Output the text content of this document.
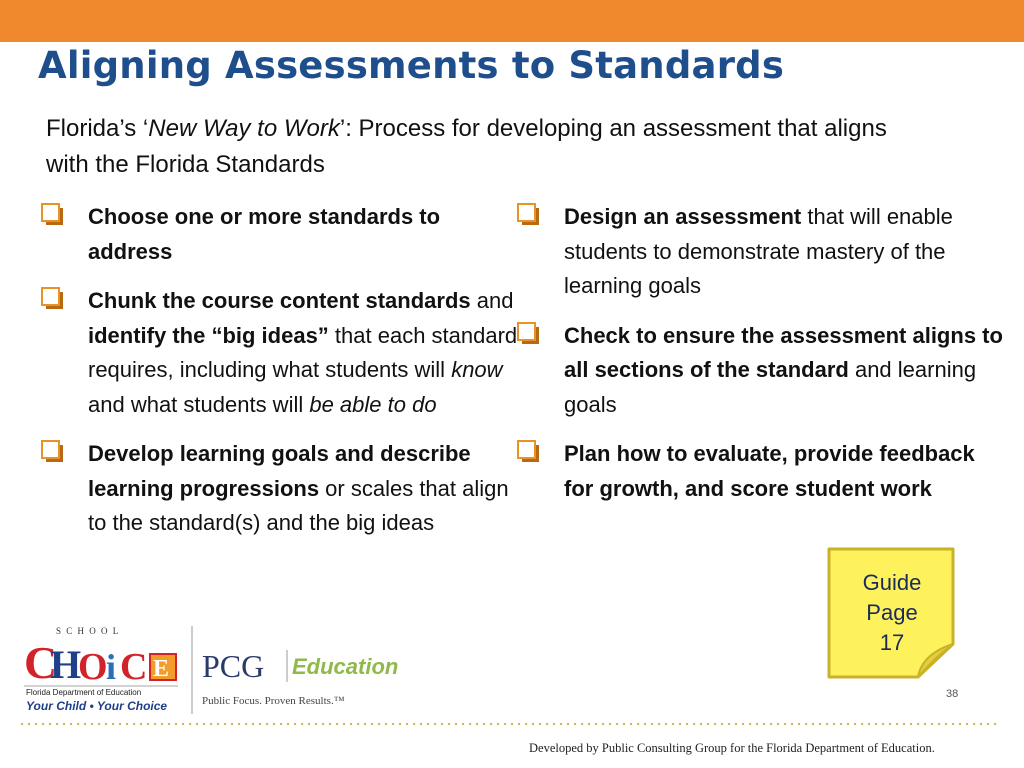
Aligning Assessments to Standards
Florida’s ‘New Way to Work’: Process for developing an assessment that aligns with the Florida Standards
Choose one or more standards to address
Chunk the course content standards and identify the “big ideas” that each standard requires, including what students will know and what students will be able to do
Develop learning goals and describe learning progressions or scales that align to the standard(s) and the big ideas
Design an assessment that will enable students to demonstrate mastery of the learning goals
Check to ensure the assessment aligns to all sections of the standard and learning goals
Plan how to evaluate, provide feedback for growth, and score student work
Guide
Page
17
38
S C H O O L
C
H
O
i C E
Florida Department of Education
Your Child • Your Choice
PCG Education
Public Focus. Proven Results.™
Developed by Public Consulting Group for the Florida Department of Education.
